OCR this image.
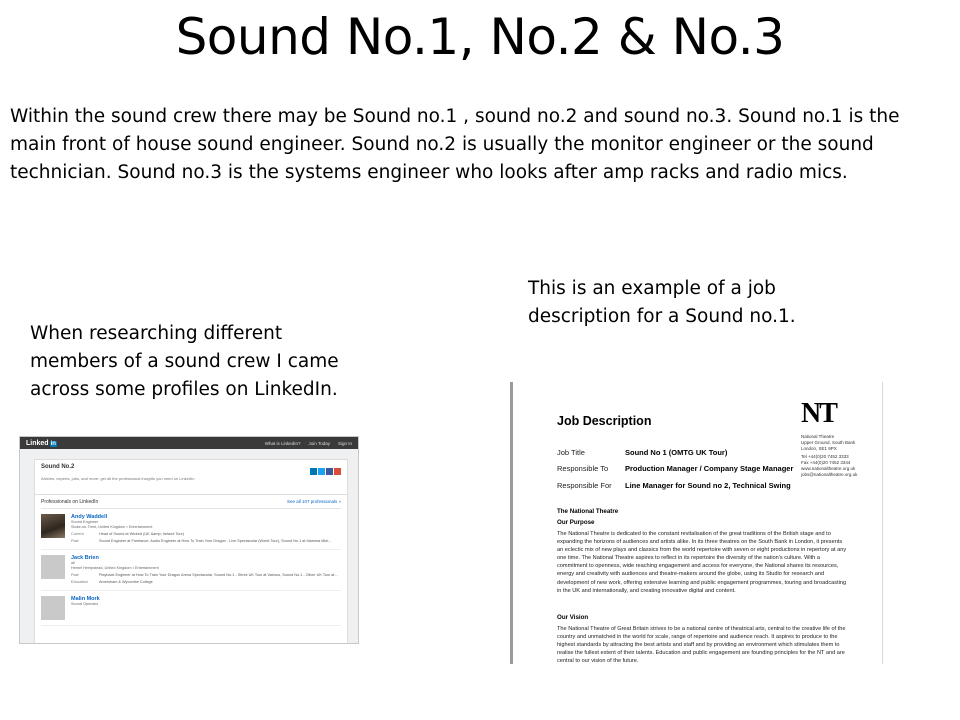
Sound No.1, No.2 & No.3
Within the sound crew there may be Sound no.1 , sound no.2 and sound no.3. Sound no.1 is the main front of house sound engineer. Sound no.2 is usually the monitor engineer or the sound technician. Sound no.3 is the systems engineer who looks after amp racks and radio mics.
This is an example of a job description for a Sound no.1.
When researching different members of a sound crew I came across some profiles on LinkedIn.
Linked in	What is LinkedIn? Join Today Sign In
Sound No.2
Articles, experts, jobs, and more: get all the professional insights you need on LinkedIn
Professionals on LinkedIn	See all 107 professionals »
Andy Waddell
Sound Engineer
Stoke-on-Trent, United Kingdom • Entertainment
Current	Head of Sound at Wicked (UK &amp; Ireland Tour)
Past	Sound Engineer at Freelance, Audio Engineer at How To Train Your Dragon - Live Spectacular (World Tour), Sound No.1 at Mamma Mia!...
Jack Brien
all
Hemel Hempstead, United Kingdom • Entertainment
Past	Playback Engineer at How To Train Your Dragon Arena Spectacular, Sound No.1 - Shrek UK Tour at Various, Sound No.1 - Oliver UK Tour at...
Education	Amersham & Wycombe College
Malin Mork
Sound Operator
Job Description	NT
National Theatre
Upper Ground, South Bank
London, SE1 9PX
Tel +44(0)20 7452 3333
Fax +44(0)20 7452 3344
www.nationaltheatre.org.uk
jobs@nationaltheatre.org.uk
Job Title	Sound No 1 (OMTG UK Tour)
Responsible To	Production Manager / Company Stage Manager
Responsible For	Line Manager for Sound no 2, Technical Swing
The National Theatre
Our Purpose
The National Theatre is dedicated to the constant revitalisation of the great traditions of the British stage and to expanding the horizons of audiences and artists alike. In its three theatres on the South Bank in London, it presents an eclectic mix of new plays and classics from the world repertoire with seven or eight productions in repertory at any one time. The National Theatre aspires to reflect in its repertoire the diversity of the nation's culture. With a commitment to openness, wide reaching engagement and access for everyone, the National shares its resources, energy and creativity with audiences and theatre-makers around the globe, using its Studio for research and development of new work, offering extensive learning and public engagement programmes, touring and broadcasting in the UK and internationally, and creating innovative digital and content.
Our Vision
The National Theatre of Great Britain strives to be a national centre of theatrical arts, central to the creative life of the country and unmatched in the world for scale, range of repertoire and audience reach. It aspires to produce to the highest standards by attracting the best artists and staff and by providing an environment which stimulates them to realise the fullest extent of their talents. Education and public engagement are founding principles for the NT and are central to our vision of the future.
